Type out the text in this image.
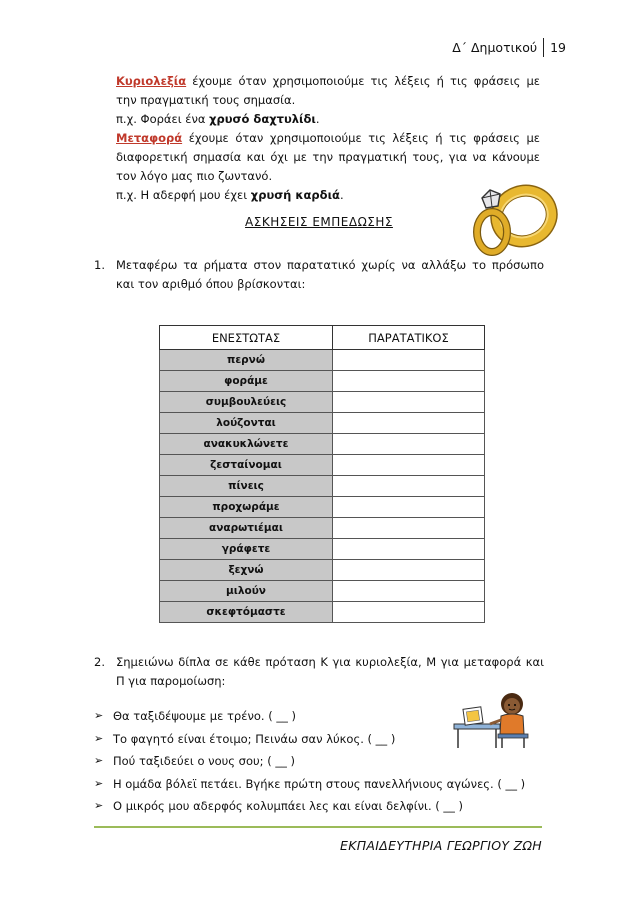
Δ΄ Δημοτικού	19

Κυριολεξία έχουμε όταν χρησιμοποιούμε τις λέξεις ή τις φράσεις με την πραγματική τους σημασία.

π.χ. Φοράει ένα χρυσό δαχτυλίδι.

Μεταφορά έχουμε όταν χρησιμοποιούμε τις λέξεις ή τις φράσεις με διαφορετική σημασία και όχι με την πραγματική τους, για να κάνουμε τον λόγο μας πιο ζωντανό.

π.χ. Η αδερφή μου έχει χρυσή καρδιά.

ΑΣΚΗΣΕΙΣ ΕΜΠΕΔΩΣΗΣ
1. Μεταφέρω τα ρήματα στον παρατατικό χωρίς να αλλάξω το πρόσωπο και τον αριθμό όπου βρίσκονται:
ΕΝΕΣΤΩΤΑΣ	ΠΑΡΑΤΑΤΙΚΟΣ
περνώ	
φοράμε	
συμβουλεύεις	
λούζονται	
ανακυκλώνετε	
ζεσταίνομαι	
πίνεις	
προχωράμε	
αναρωτιέμαι	
γράφετε	
ξεχνώ	
μιλούν	
σκεφτόμαστε	
2. Σημειώνω δίπλα σε κάθε πρόταση Κ για κυριολεξία, Μ για μεταφορά και Π για παρομοίωση:
➢ Θα ταξιδέψουμε με τρένο. ( __ )
➢ Το φαγητό είναι έτοιμο; Πεινάω σαν λύκος. ( __ )
➢ Πού ταξιδεύει ο νους σου; ( __ )
➢ Η ομάδα βόλεϊ πετάει. Βγήκε πρώτη στους πανελλήνιους αγώνες. ( __ )
➢ Ο μικρός μου αδερφός κολυμπάει λες και είναι δελφίνι. ( __ )
ΕΚΠΑΙΔΕΥΤΗΡΙΑ ΓΕΩΡΓΙΟΥ ΖΩΗ
